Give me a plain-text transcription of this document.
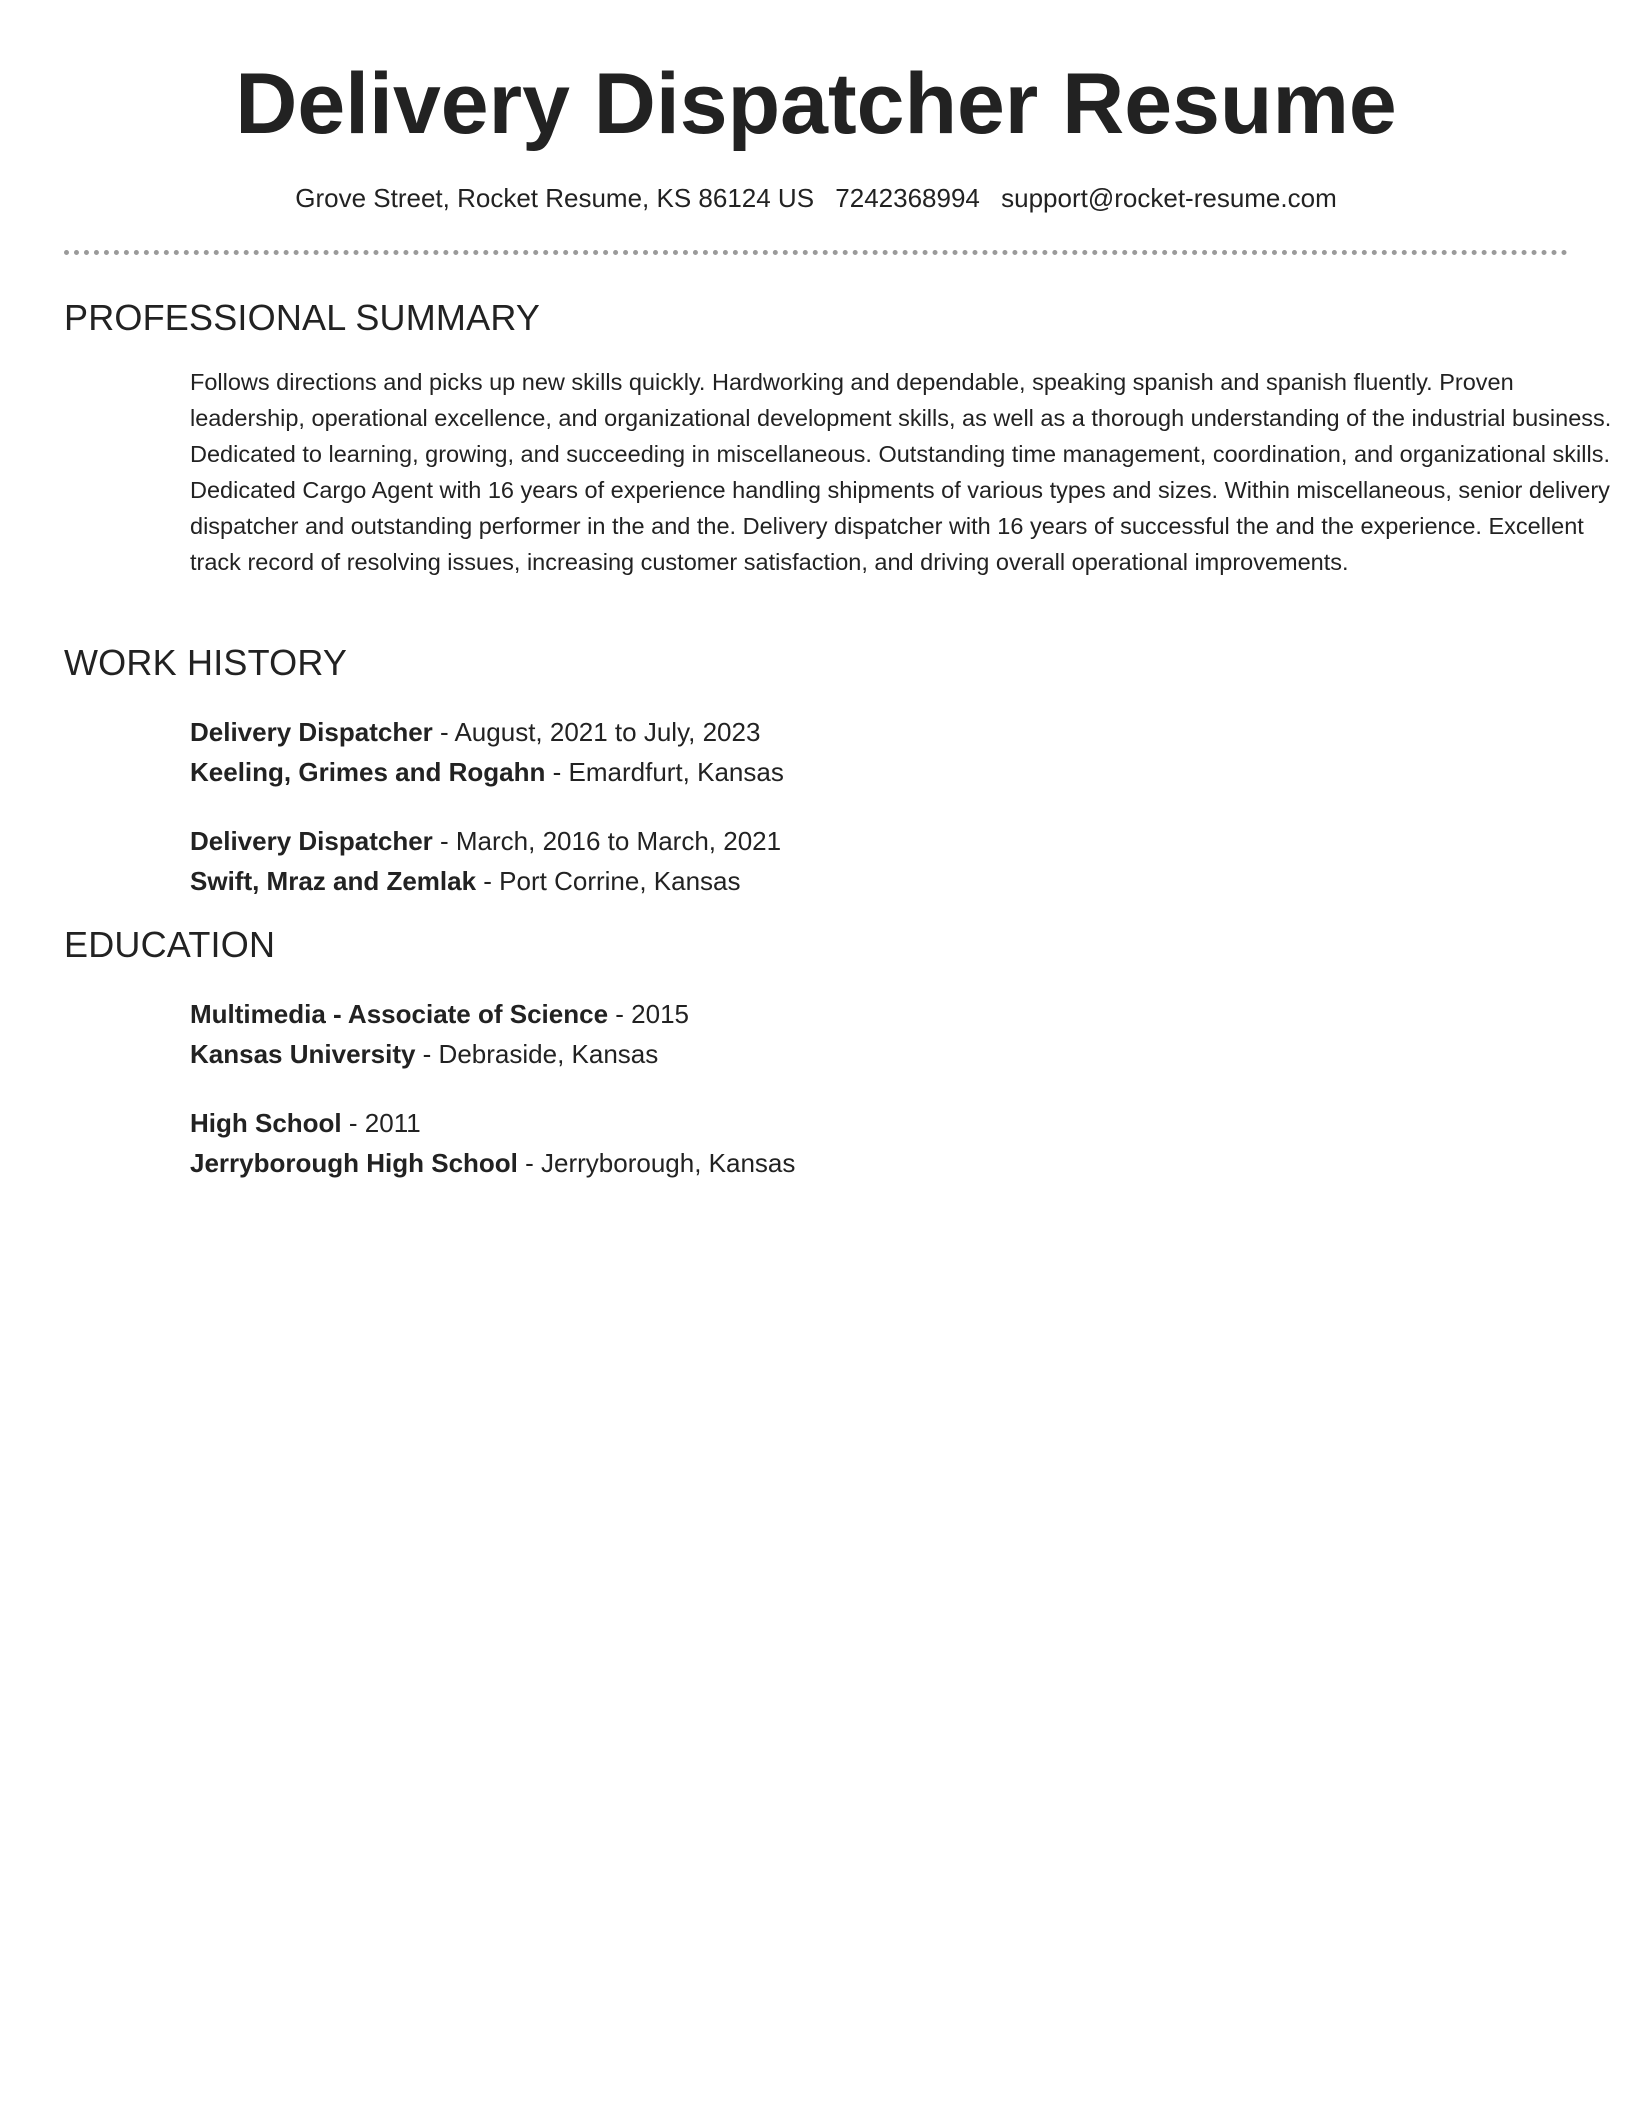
Delivery Dispatcher Resume
Grove Street, Rocket Resume, KS 86124 US 7242368994 support@rocket-resume.com
PROFESSIONAL SUMMARY

Follows directions and picks up new skills quickly. Hardworking and dependable, speaking spanish and spanish fluently. Proven leadership, operational excellence, and organizational development skills, as well as a thorough understanding of the industrial business. Dedicated to learning, growing, and succeeding in miscellaneous. Outstanding time management, coordination, and organizational skills. Dedicated Cargo Agent with 16 years of experience handling shipments of various types and sizes. Within miscellaneous, senior delivery dispatcher and outstanding performer in the and the. Delivery dispatcher with 16 years of successful the and the experience. Excellent track record of resolving issues, increasing customer satisfaction, and driving overall operational improvements.

WORK HISTORY
Delivery Dispatcher - August, 2021 to July, 2023
Keeling, Grimes and Rogahn - Emardfurt, Kansas
Delivery Dispatcher - March, 2016 to March, 2021
Swift, Mraz and Zemlak - Port Corrine, Kansas
EDUCATION
Multimedia - Associate of Science - 2015
Kansas University - Debraside, Kansas
High School - 2011
Jerryborough High School - Jerryborough, Kansas
